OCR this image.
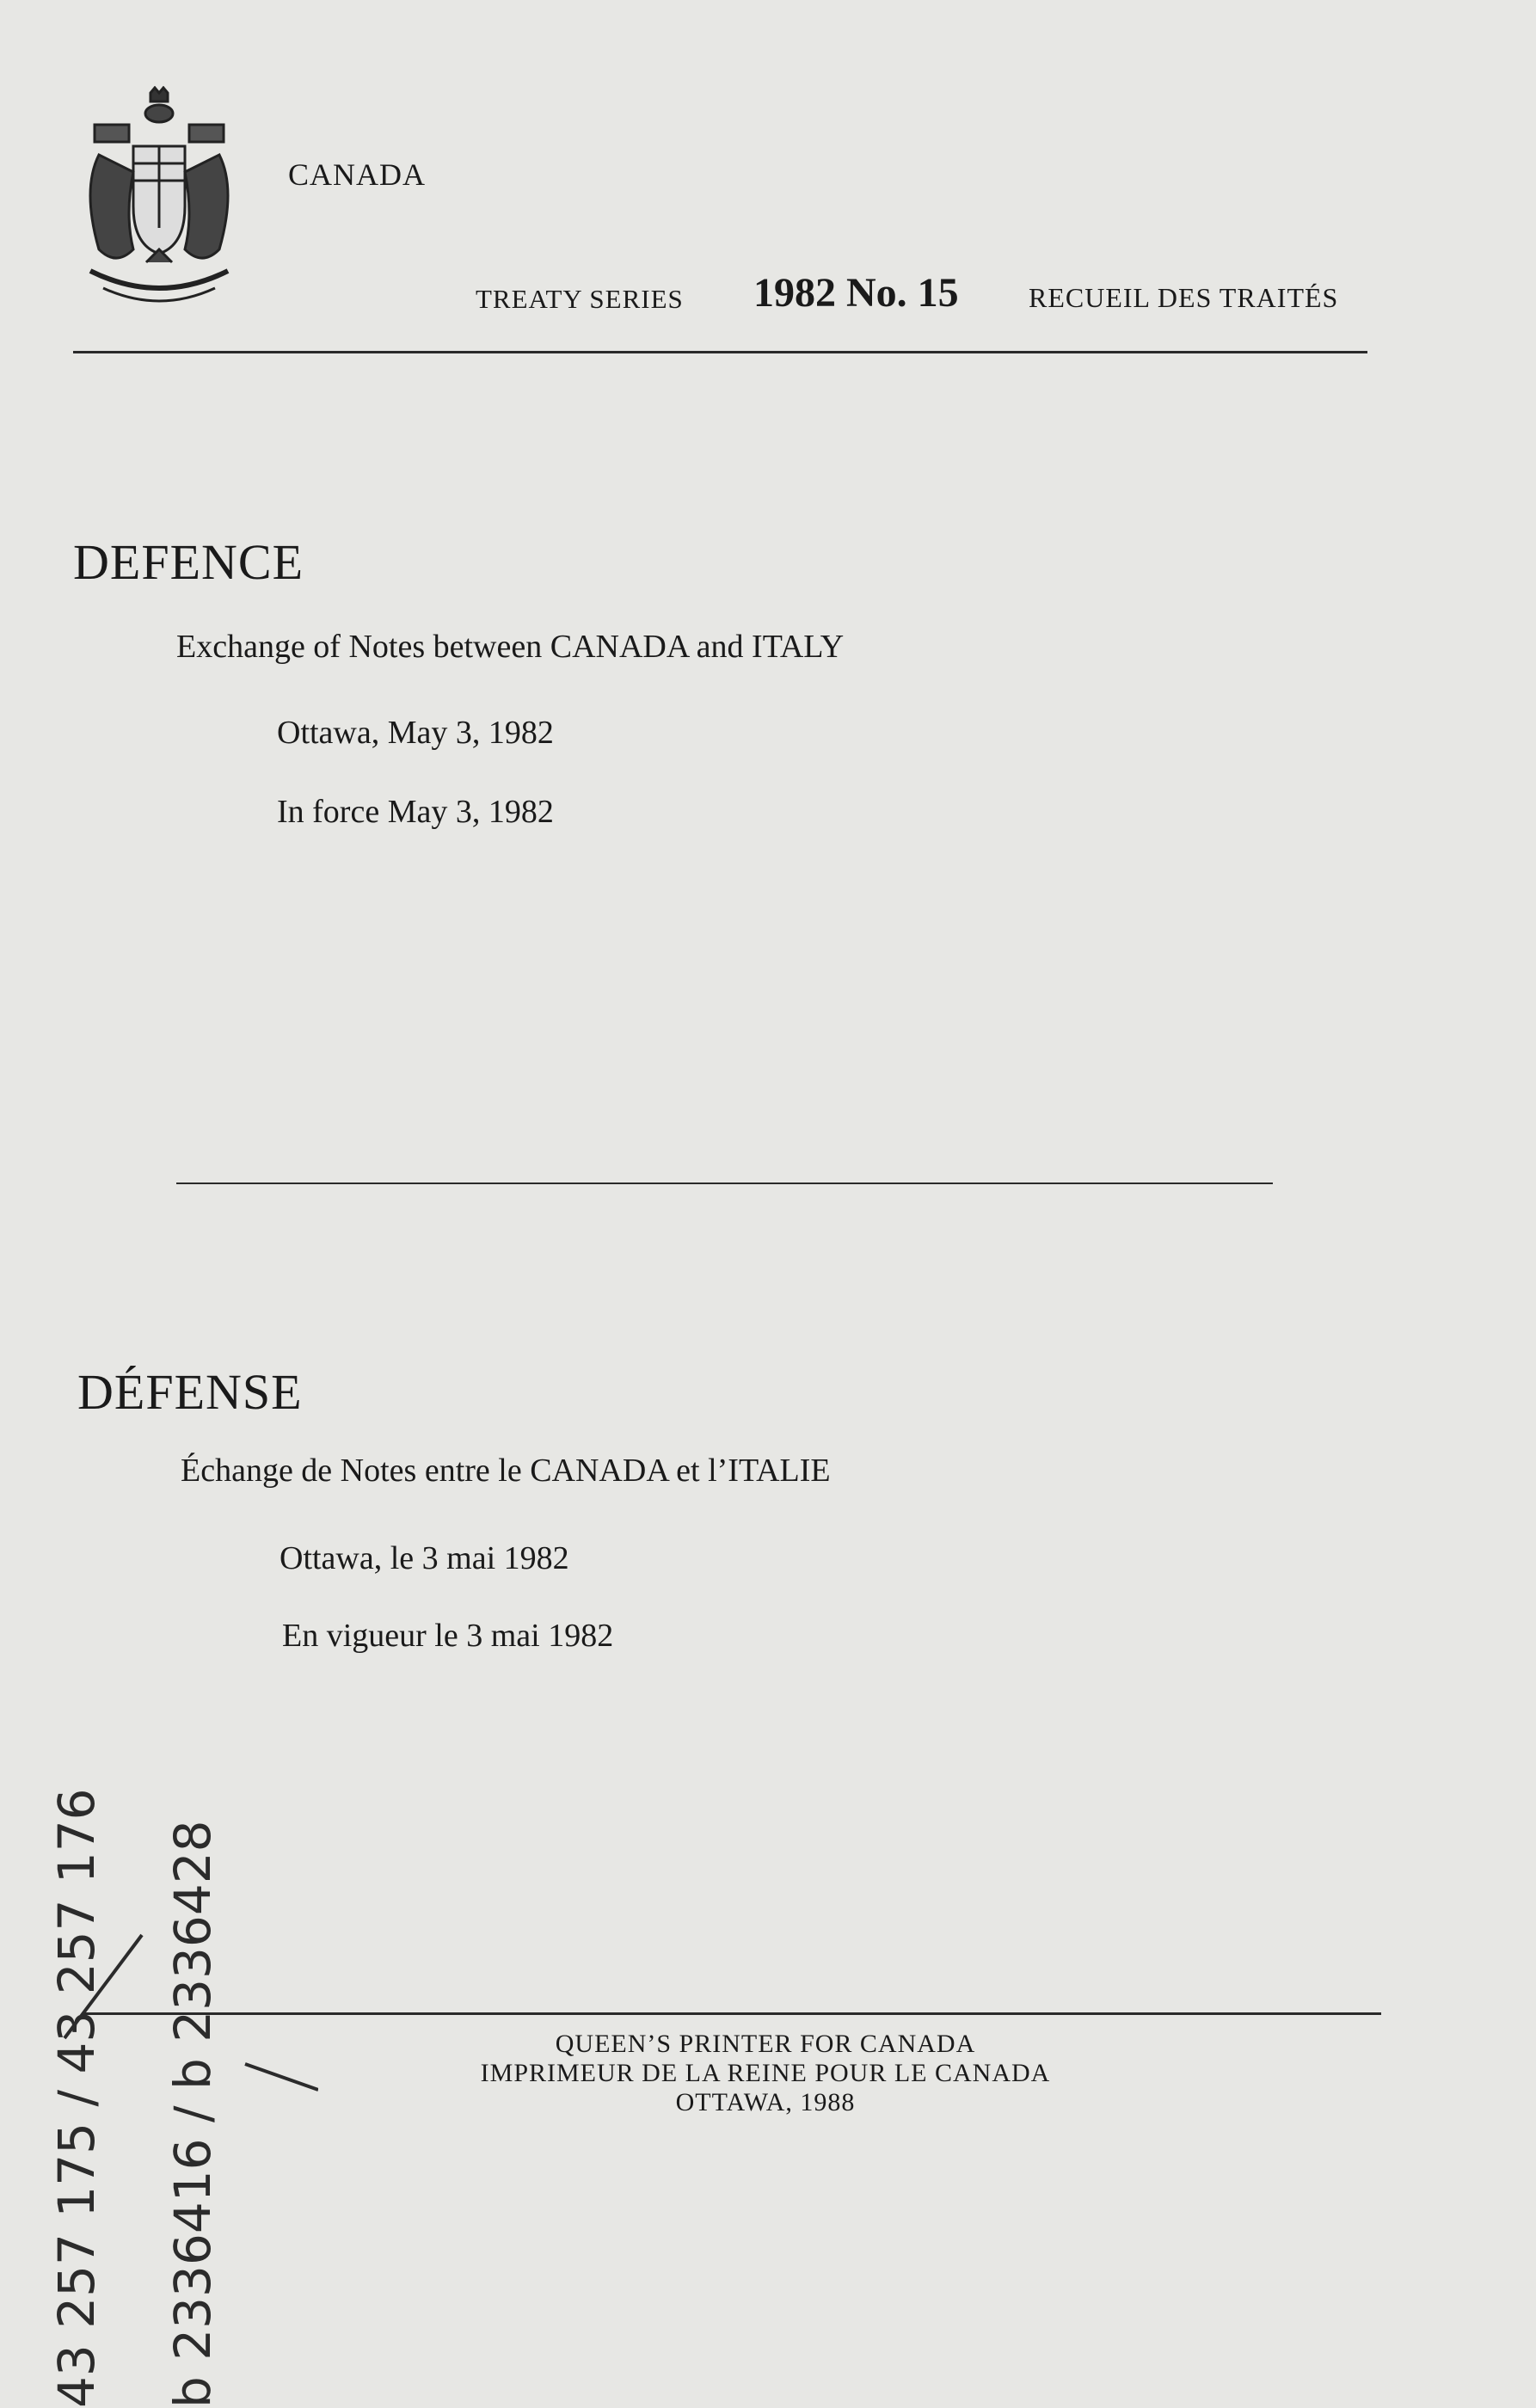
CANADA
TREATY SERIES 1982 No. 15	RECUEIL DES TRAITÉS
DEFENCE
Exchange of Notes between CANADA and ITALY
Ottawa, May 3, 1982
In force May 3, 1982
DÉFENSE
Échange de Notes entre le CANADA et l’ITALIE
Ottawa, le 3 mai 1982
En vigueur le 3 mai 1982
QUEEN’S PRINTER FOR CANADA
IMPRIMEUR DE LA REINE POUR LE CANADA
OTTAWA, 1988
43 257 175 / 43 257 176 b 2336416 / b 2336428
